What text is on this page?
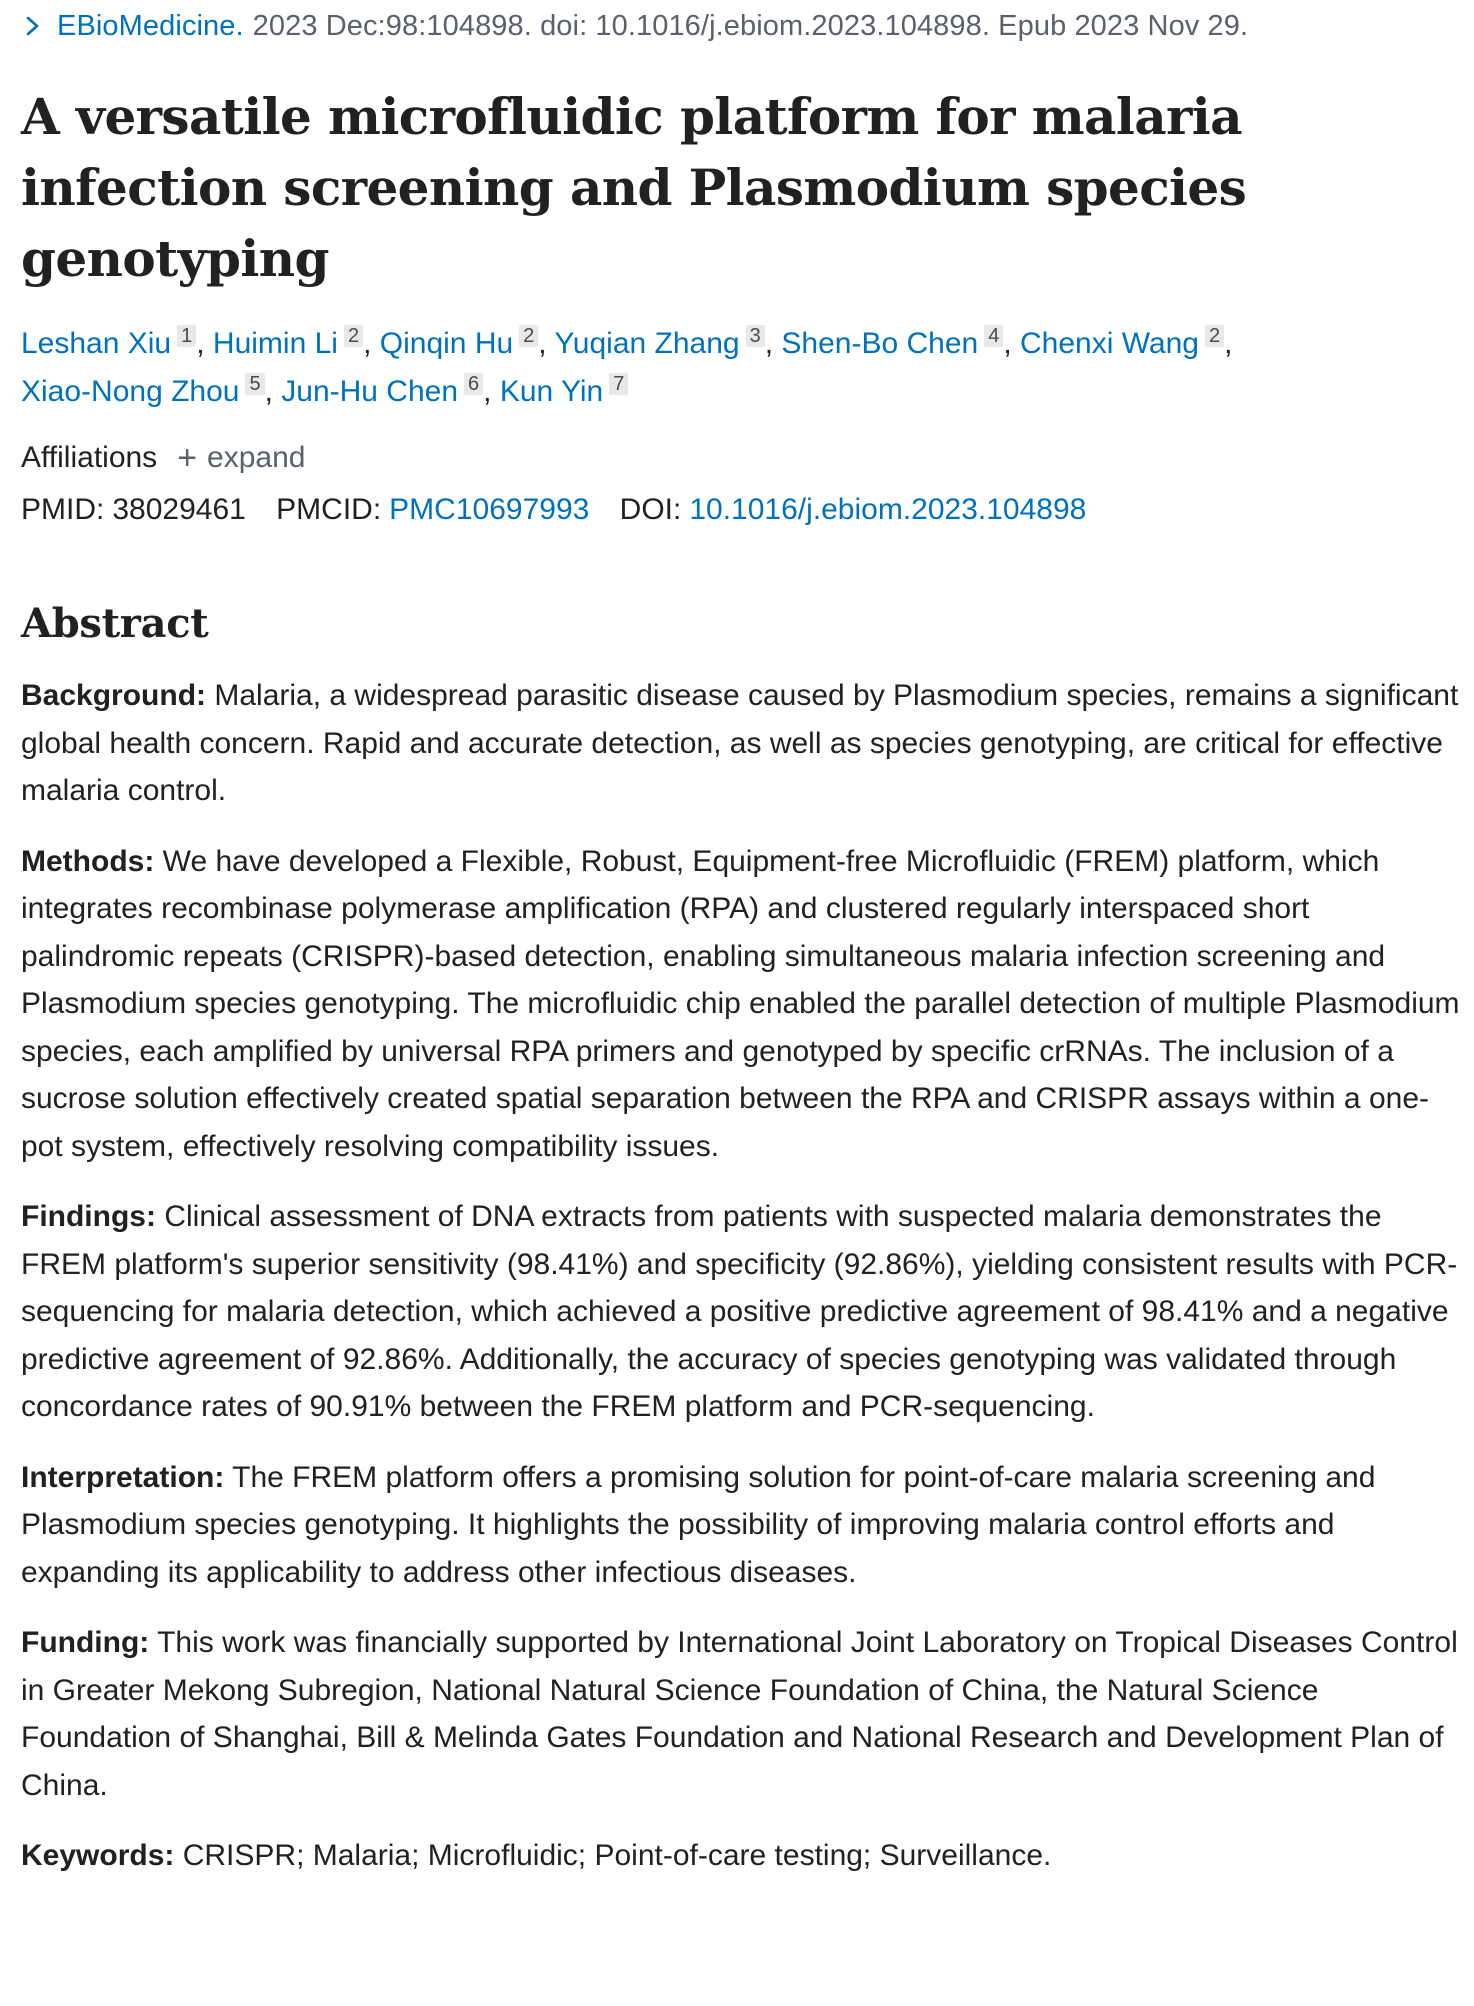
EBioMedicine. 2023 Dec:98:104898. doi: 10.1016/j.ebiom.2023.104898. Epub 2023 Nov 29.
A versatile microfluidic platform for malaria infection screening and Plasmodium species genotyping
Leshan Xiu 1 , Huimin Li 2 , Qinqin Hu 2 , Yuqian Zhang 3 , Shen-Bo Chen 4 , Chenxi Wang 2 ,
Xiao-Nong Zhou 5 , Jun-Hu Chen 6 , Kun Yin 7
Affiliations + expand
PMID: 38029461 PMCID: PMC10697993 DOI: 10.1016/j.ebiom.2023.104898
Abstract

Background: Malaria, a widespread parasitic disease caused by Plasmodium species, remains a significant global health concern. Rapid and accurate detection, as well as species genotyping, are critical for effective malaria control.

Methods: We have developed a Flexible, Robust, Equipment-free Microfluidic (FREM) platform, which integrates recombinase polymerase amplification (RPA) and clustered regularly interspaced short palindromic repeats (CRISPR)-based detection, enabling simultaneous malaria infection screening and Plasmodium species genotyping. The microfluidic chip enabled the parallel detection of multiple Plasmodium species, each amplified by universal RPA primers and genotyped by specific crRNAs. The inclusion of a sucrose solution effectively created spatial separation between the RPA and CRISPR assays within a one-pot system, effectively resolving compatibility issues.

Findings: Clinical assessment of DNA extracts from patients with suspected malaria demonstrates the FREM platform's superior sensitivity (98.41%) and specificity (92.86%), yielding consistent results with PCR-sequencing for malaria detection, which achieved a positive predictive agreement of 98.41% and a negative predictive agreement of 92.86%. Additionally, the accuracy of species genotyping was validated through concordance rates of 90.91% between the FREM platform and PCR-sequencing.

Interpretation: The FREM platform offers a promising solution for point-of-care malaria screening and Plasmodium species genotyping. It highlights the possibility of improving malaria control efforts and expanding its applicability to address other infectious diseases.

Funding: This work was financially supported by International Joint Laboratory on Tropical Diseases Control in Greater Mekong Subregion, National Natural Science Foundation of China, the Natural Science Foundation of Shanghai, Bill & Melinda Gates Foundation and National Research and Development Plan of China.

Keywords: CRISPR; Malaria; Microfluidic; Point-of-care testing; Surveillance.
